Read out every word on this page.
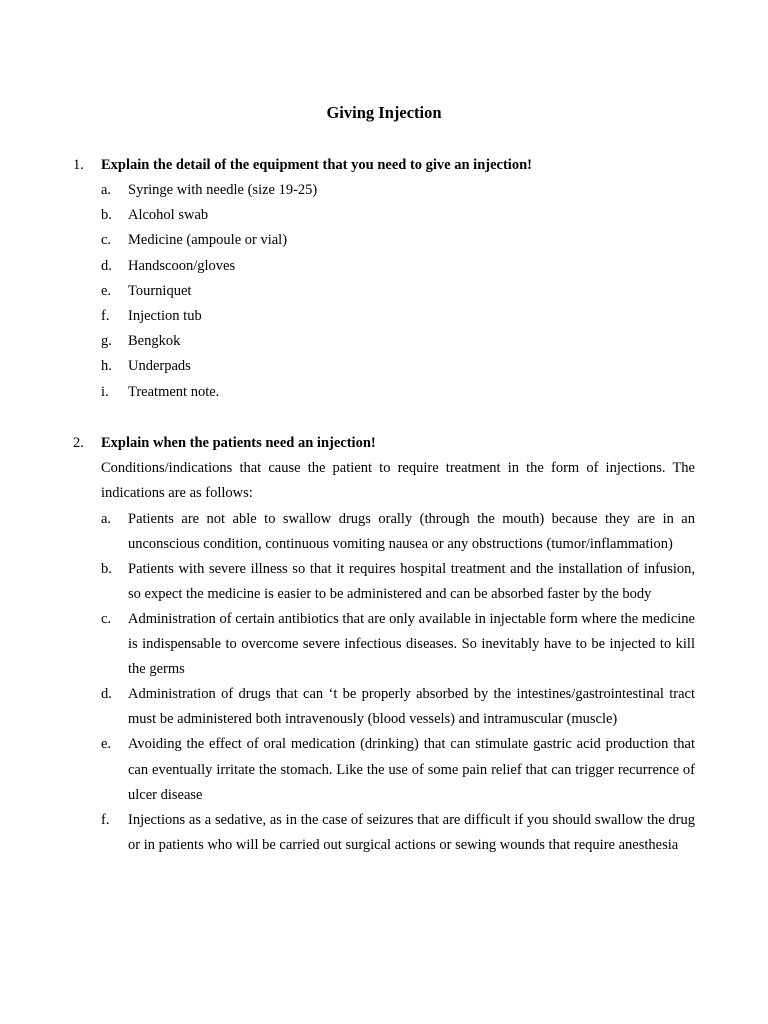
Giving Injection
1. Explain the detail of the equipment that you need to give an injection!
a. Syringe with needle (size 19-25)
b. Alcohol swab
c. Medicine (ampoule or vial)
d. Handscoon/gloves
e. Tourniquet
f. Injection tub
g. Bengkok
h. Underpads
i. Treatment note.
2. Explain when the patients need an injection!
Conditions/indications that cause the patient to require treatment in the form of injections. The indications are as follows:
a. Patients are not able to swallow drugs orally (through the mouth) because they are in an unconscious condition, continuous vomiting nausea or any obstructions (tumor/inflammation)
b. Patients with severe illness so that it requires hospital treatment and the installation of infusion, so expect the medicine is easier to be administered and can be absorbed faster by the body
c. Administration of certain antibiotics that are only available in injectable form where the medicine is indispensable to overcome severe infectious diseases. So inevitably have to be injected to kill the germs
d. Administration of drugs that can ‘t be properly absorbed by the intestines/gastrointestinal tract must be administered both intravenously (blood vessels) and intramuscular (muscle)
e. Avoiding the effect of oral medication (drinking) that can stimulate gastric acid production that can eventually irritate the stomach. Like the use of some pain relief that can trigger recurrence of ulcer disease
f. Injections as a sedative, as in the case of seizures that are difficult if you should swallow the drug or in patients who will be carried out surgical actions or sewing wounds that require anesthesia
